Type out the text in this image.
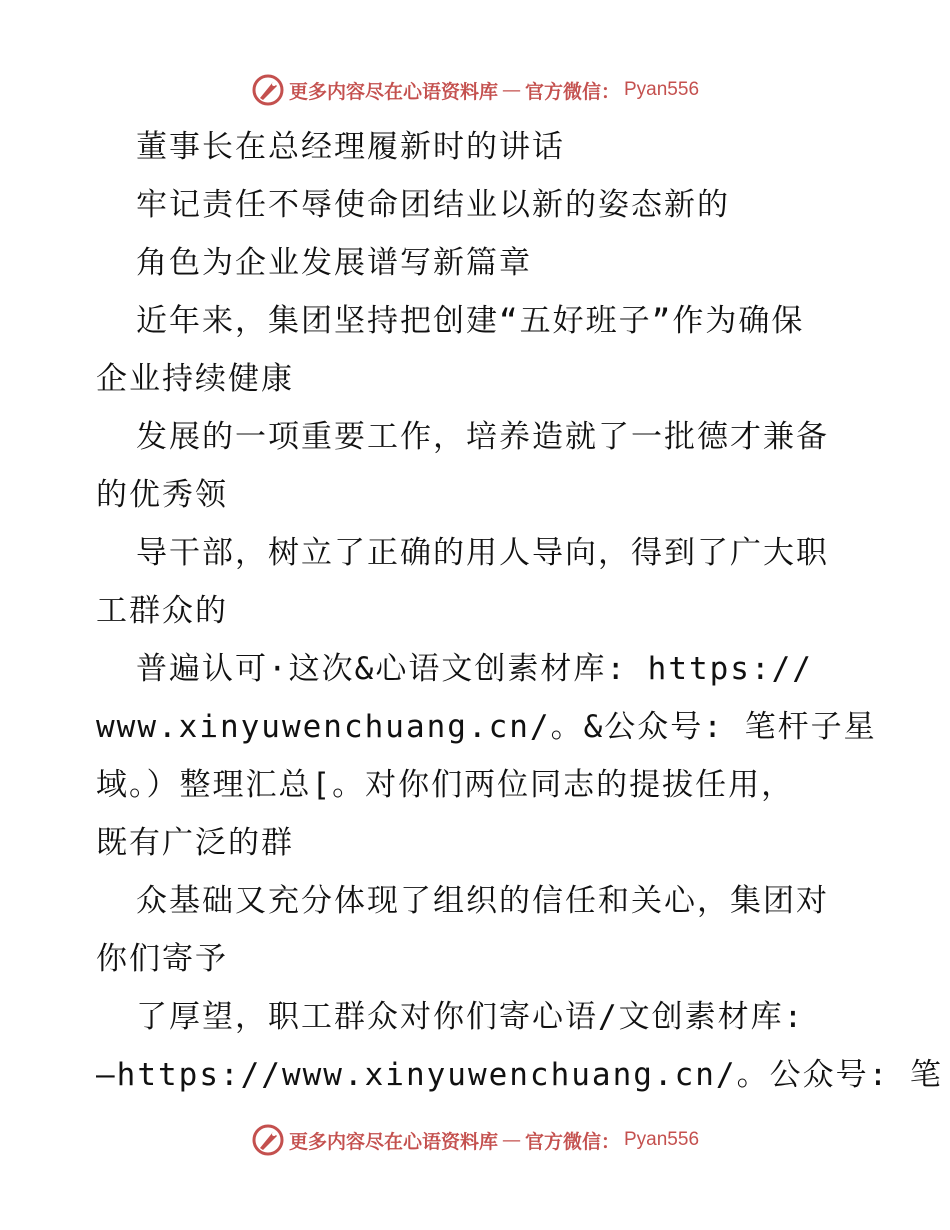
更多内容尽在心语资料库 — 官方微信： Pyan556
董事长在总经理履新时的讲话
牢记责任不辱使命团结业以新的姿态新的
角色为企业发展谱写新篇章
近年来，集团坚持把创建“五好班子”作为确保
企业持续健康
发展的一项重要工作，培养造就了一批德才兼备
的优秀领
导干部，树立了正确的用人导向，得到了广大职
工群众的
普遍认可·这次&心语文创素材库: https://
www.xinyuwenchuang.cn/。&公众号: 笔杆子星
域。）整理汇总[。对你们两位同志的提拔任用，
既有广泛的群
众基础又充分体现了组织的信任和关心，集团对
你们寄予
了厚望，职工群众对你们寄心语/文创素材库:
—https://www.xinyuwenchuang.cn/。公众号: 笔
更多内容尽在心语资料库 — 官方微信： Pyan556
